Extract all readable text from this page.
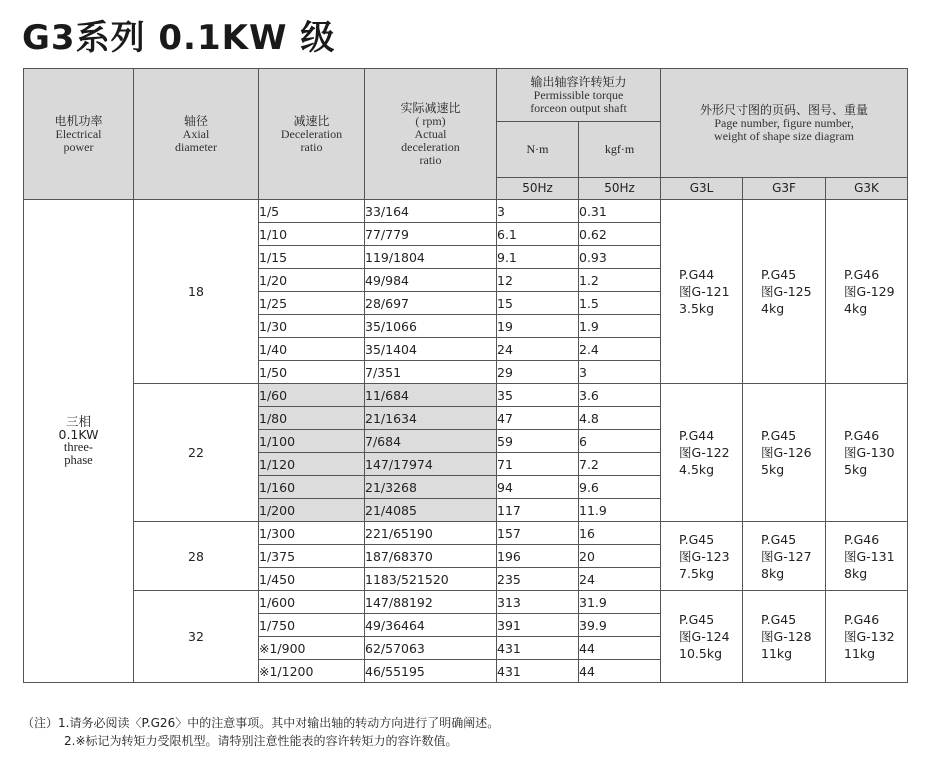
G3系列 0.1KW 级
电机功率
Electrical
power	轴径
Axial
diameter	减速比
Deceleration
ratio	实际减速比
( rpm)
Actual
deceleration
ratio	输出轴容许转矩力
Permissible torque
forceon output shaft		外形尺寸图的页码、图号、重量
Page number, figure number,
weight of shape size diagram		

				N·m	kgf·m			
				50Hz	50Hz	G3L	G3F	G3K

三相
0.1KW
three-
phase	18	1/5	33/164	3	0.31	P.G44
图G-121
3.5kg	P.G45
图G-125
4kg	P.G46
图G-129
4kg

		1/10	77/779	6.1	0.62			
		1/15	119/1804	9.1	0.93			
		1/20	49/984	12	1.2			
		1/25	28/697	15	1.5			
		1/30	35/1066	19	1.9			
		1/40	35/1404	24	2.4			
		1/50	7/351	29	3			
	22	1/60	11/684	35	3.6	P.G44
图G-122
4.5kg	P.G45
图G-126
5kg	P.G46
图G-130
5kg

		1/80	21/1634	47	4.8			
		1/100	7/684	59	6			
		1/120	147/17974	71	7.2			
		1/160	21/3268	94	9.6			
		1/200	21/4085	117	11.9			
	28	1/300	221/65190	157	16	P.G45
图G-123
7.5kg	P.G45
图G-127
8kg	P.G46
图G-131
8kg

		1/375	187/68370	196	20			
		1/450	1183/521520	235	24			
	32	1/600	147/88192	313	31.9	P.G45
图G-124
10.5kg	P.G45
图G-128
11kg	P.G46
图G-132
11kg

		1/750	49/36464	391	39.9			
		※1/900	62/57063	431	44			
		※1/1200	46/55195	431	44			
（注）1.请务必阅读〈P.G26〉中的注意事项。其中对输出轴的转动方向进行了明确阐述。
2.※标记为转矩力受限机型。请特别注意性能表的容许转矩力的容许数值。
